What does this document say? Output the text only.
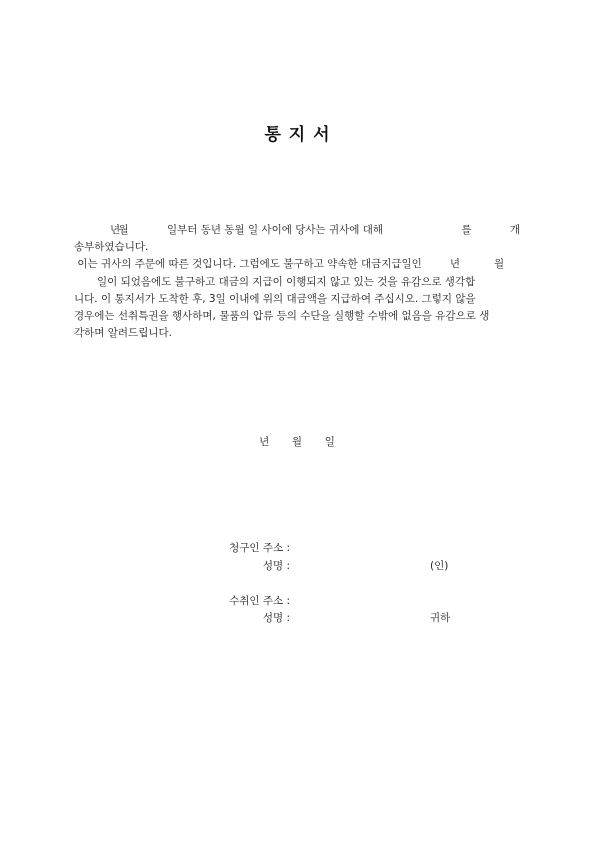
통 지 서
년
월	일부터 동년 동월 일 사이에 당사는 귀사에 대해	를	개
송부하였습니다.
이는 귀사의 주문에 따른 것입니다. 그럼에도 불구하고 약속한 대금지급일인	년	월
일이 되었음에도 불구하고 대금의 지급이 이행되지 않고 있는 것을 유감으로 생각합
니다. 이 통지서가 도착한 후, 3일 이내에 위의 대금액을 지급하여 주십시오. 그렇지 않을
경우에는 선취특권을 행사하며, 물품의 압류 등의 수단을 실행할 수밖에 없음을 유감으로 생
각하며 알려드립니다.
년     월     일
청구인 주소 :
성명 :	(인)
수취인 주소 :
성명 :	귀하
